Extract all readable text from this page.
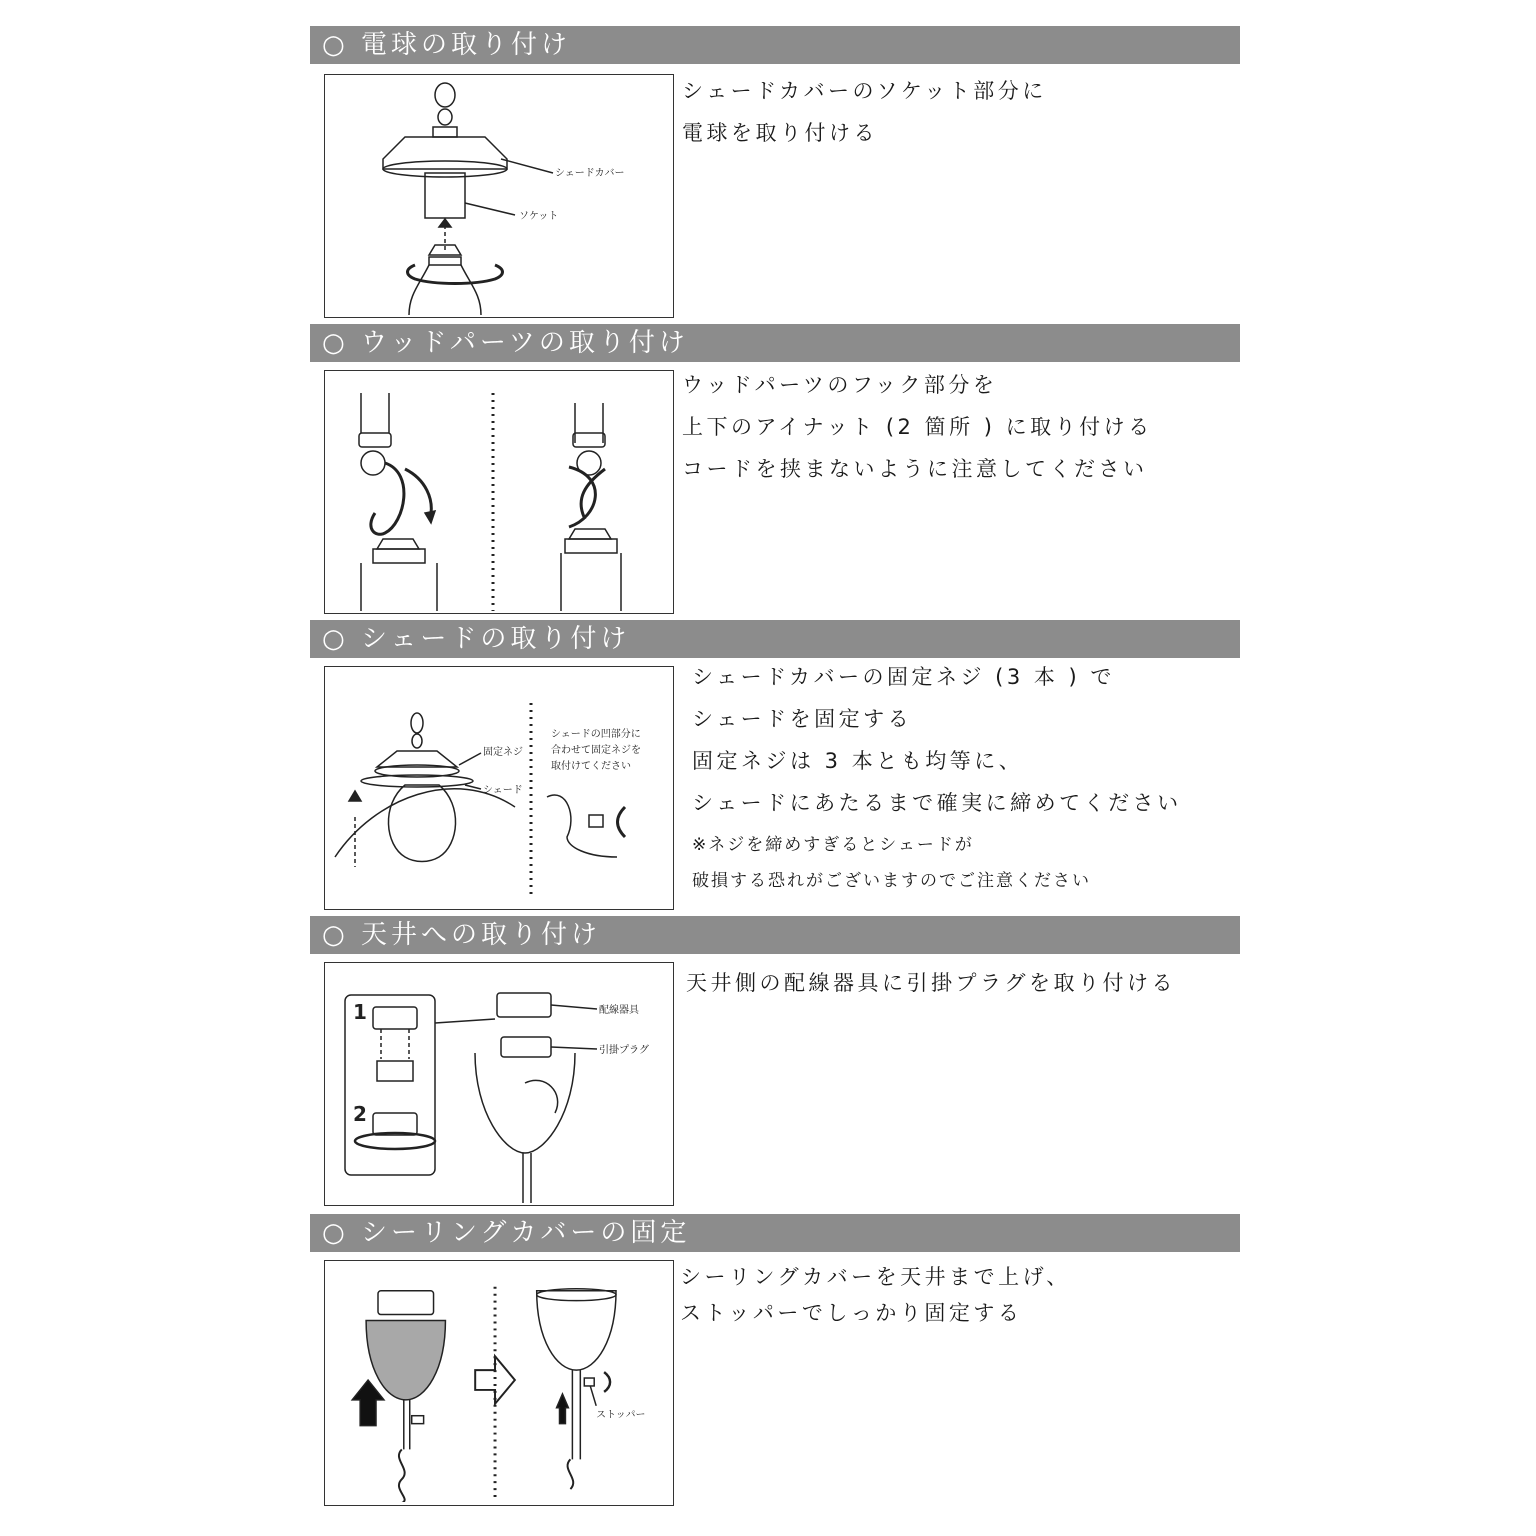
○ 電球の取り付け
シェードカバー
ソケット
シェードカバーのソケット部分に
電球を取り付ける
○ ウッドパーツの取り付け
ウッドパーツのフック部分を
上下のアイナット (2 箇所 ) に取り付ける
コードを挟まないように注意してください
○ シェードの取り付け
固定ネジ
シェード
シェードの凹部分に
合わせて固定ネジを
取付けてください
シェードカバーの固定ネジ (3 本 ) で
シェードを固定する
固定ネジは 3 本とも均等に、
シェードにあたるまで確実に締めてください
※ネジを締めすぎるとシェードが
破損する恐れがございますのでご注意ください
○ 天井への取り付け
1
2
配線器具
引掛プラグ
天井側の配線器具に引掛プラグを取り付ける
○ シーリングカバーの固定
ストッパー
シーリングカバーを天井まで上げ、
ストッパーでしっかり固定する
